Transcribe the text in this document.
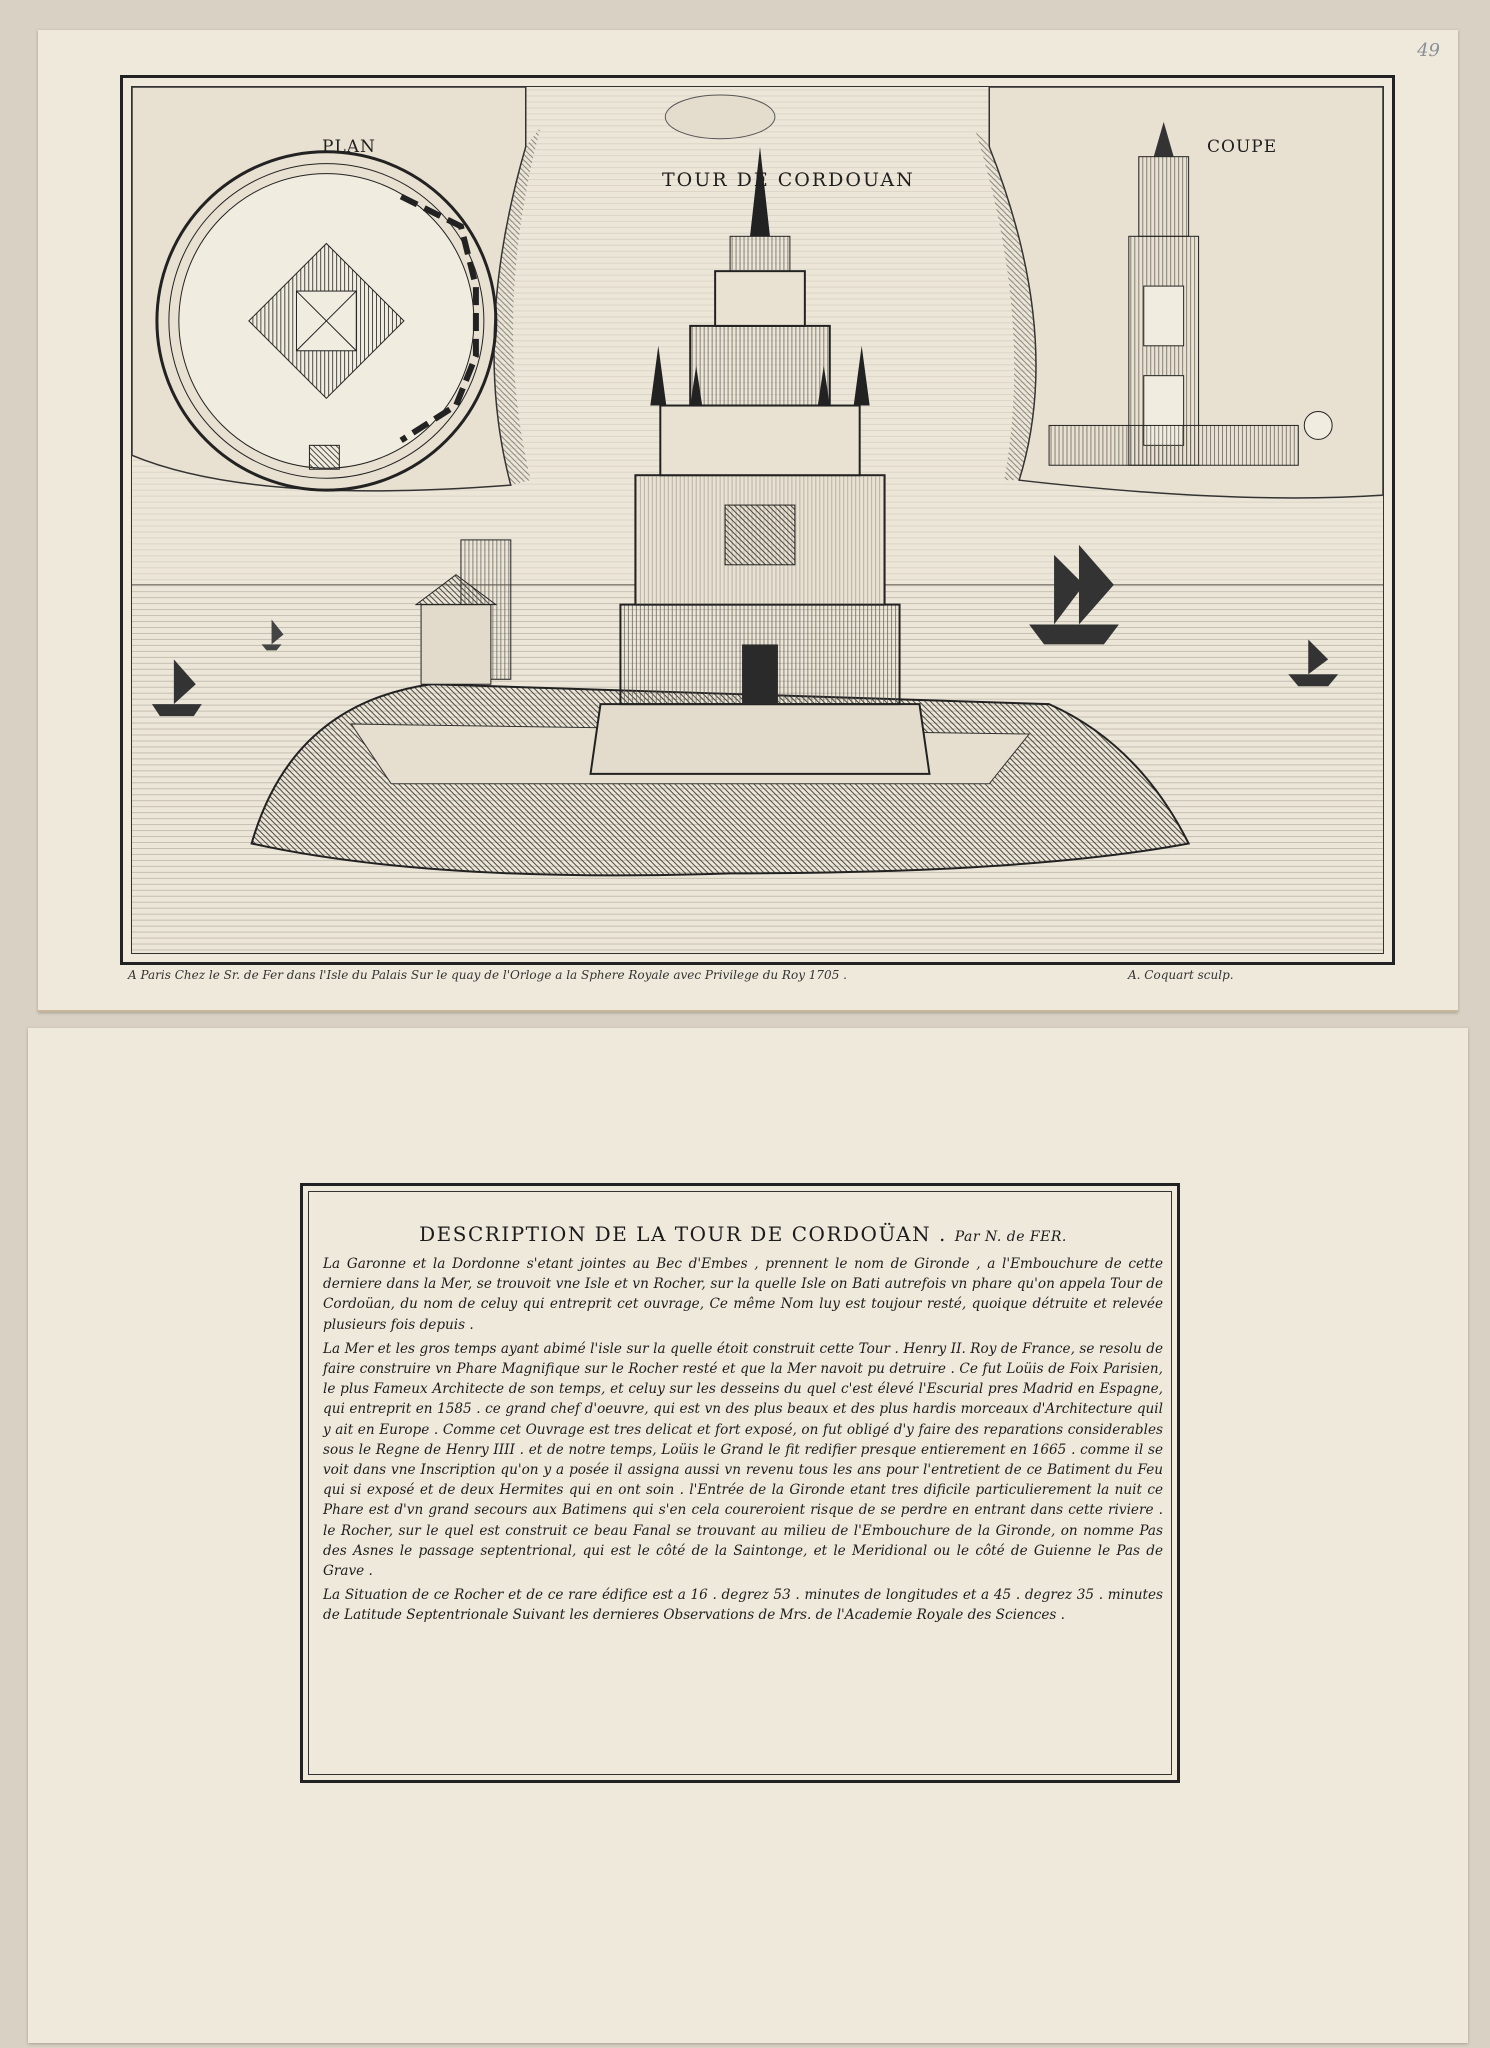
49
PLAN
TOUR DE CORDOUAN
COUPE
A Paris Chez le Sr. de Fer dans l'Isle du Palais Sur le quay de l'Orloge a la Sphere Royale avec Privilege du Roy 1705 .	A. Coquart sculp.
DESCRIPTION DE LA TOUR DE CORDOÜAN . Par N. de FER.

La Garonne et la Dordonne s'etant jointes au Bec d'Embes , prennent le nom de Gironde , a l'Embouchure de cette derniere dans la Mer, se trouvoit vne Isle et vn Rocher, sur la quelle Isle on Bati autrefois vn phare qu'on appela Tour de Cordoüan, du nom de celuy qui entreprit cet ouvrage, Ce même Nom luy est toujour resté, quoique détruite et relevée plusieurs fois depuis .

La Mer et les gros temps ayant abimé l'isle sur la quelle étoit construit cette Tour . Henry II. Roy de France, se resolu de faire construire vn Phare Magnifique sur le Rocher resté et que la Mer navoit pu detruire . Ce fut Loüis de Foix Parisien, le plus Fameux Architecte de son temps, et celuy sur les desseins du quel c'est élevé l'Escurial pres Madrid en Espagne, qui entreprit en 1585 . ce grand chef d'oeuvre, qui est vn des plus beaux et des plus hardis morceaux d'Architecture quil y ait en Europe . Comme cet Ouvrage est tres delicat et fort exposé, on fut obligé d'y faire des reparations considerables sous le Regne de Henry IIII . et de notre temps, Loüis le Grand le fit redifier presque entierement en 1665 . comme il se voit dans vne Inscription qu'on y a posée il assigna aussi vn revenu tous les ans pour l'entretient de ce Batiment du Feu qui si exposé et de deux Hermites qui en ont soin . l'Entrée de la Gironde etant tres dificile particulierement la nuit ce Phare est d'vn grand secours aux Batimens qui s'en cela coureroient risque de se perdre en entrant dans cette riviere . le Rocher, sur le quel est construit ce beau Fanal se trouvant au milieu de l'Embouchure de la Gironde, on nomme Pas des Asnes le passage septentrional, qui est le côté de la Saintonge, et le Meridional ou le côté de Guienne le Pas de Grave .

La Situation de ce Rocher et de ce rare édifice est a 16 . degrez 53 . minutes de longitudes et a 45 . degrez 35 . minutes de Latitude Septentrionale Suivant les dernieres Observations de Mrs. de l'Academie Royale des Sciences .
